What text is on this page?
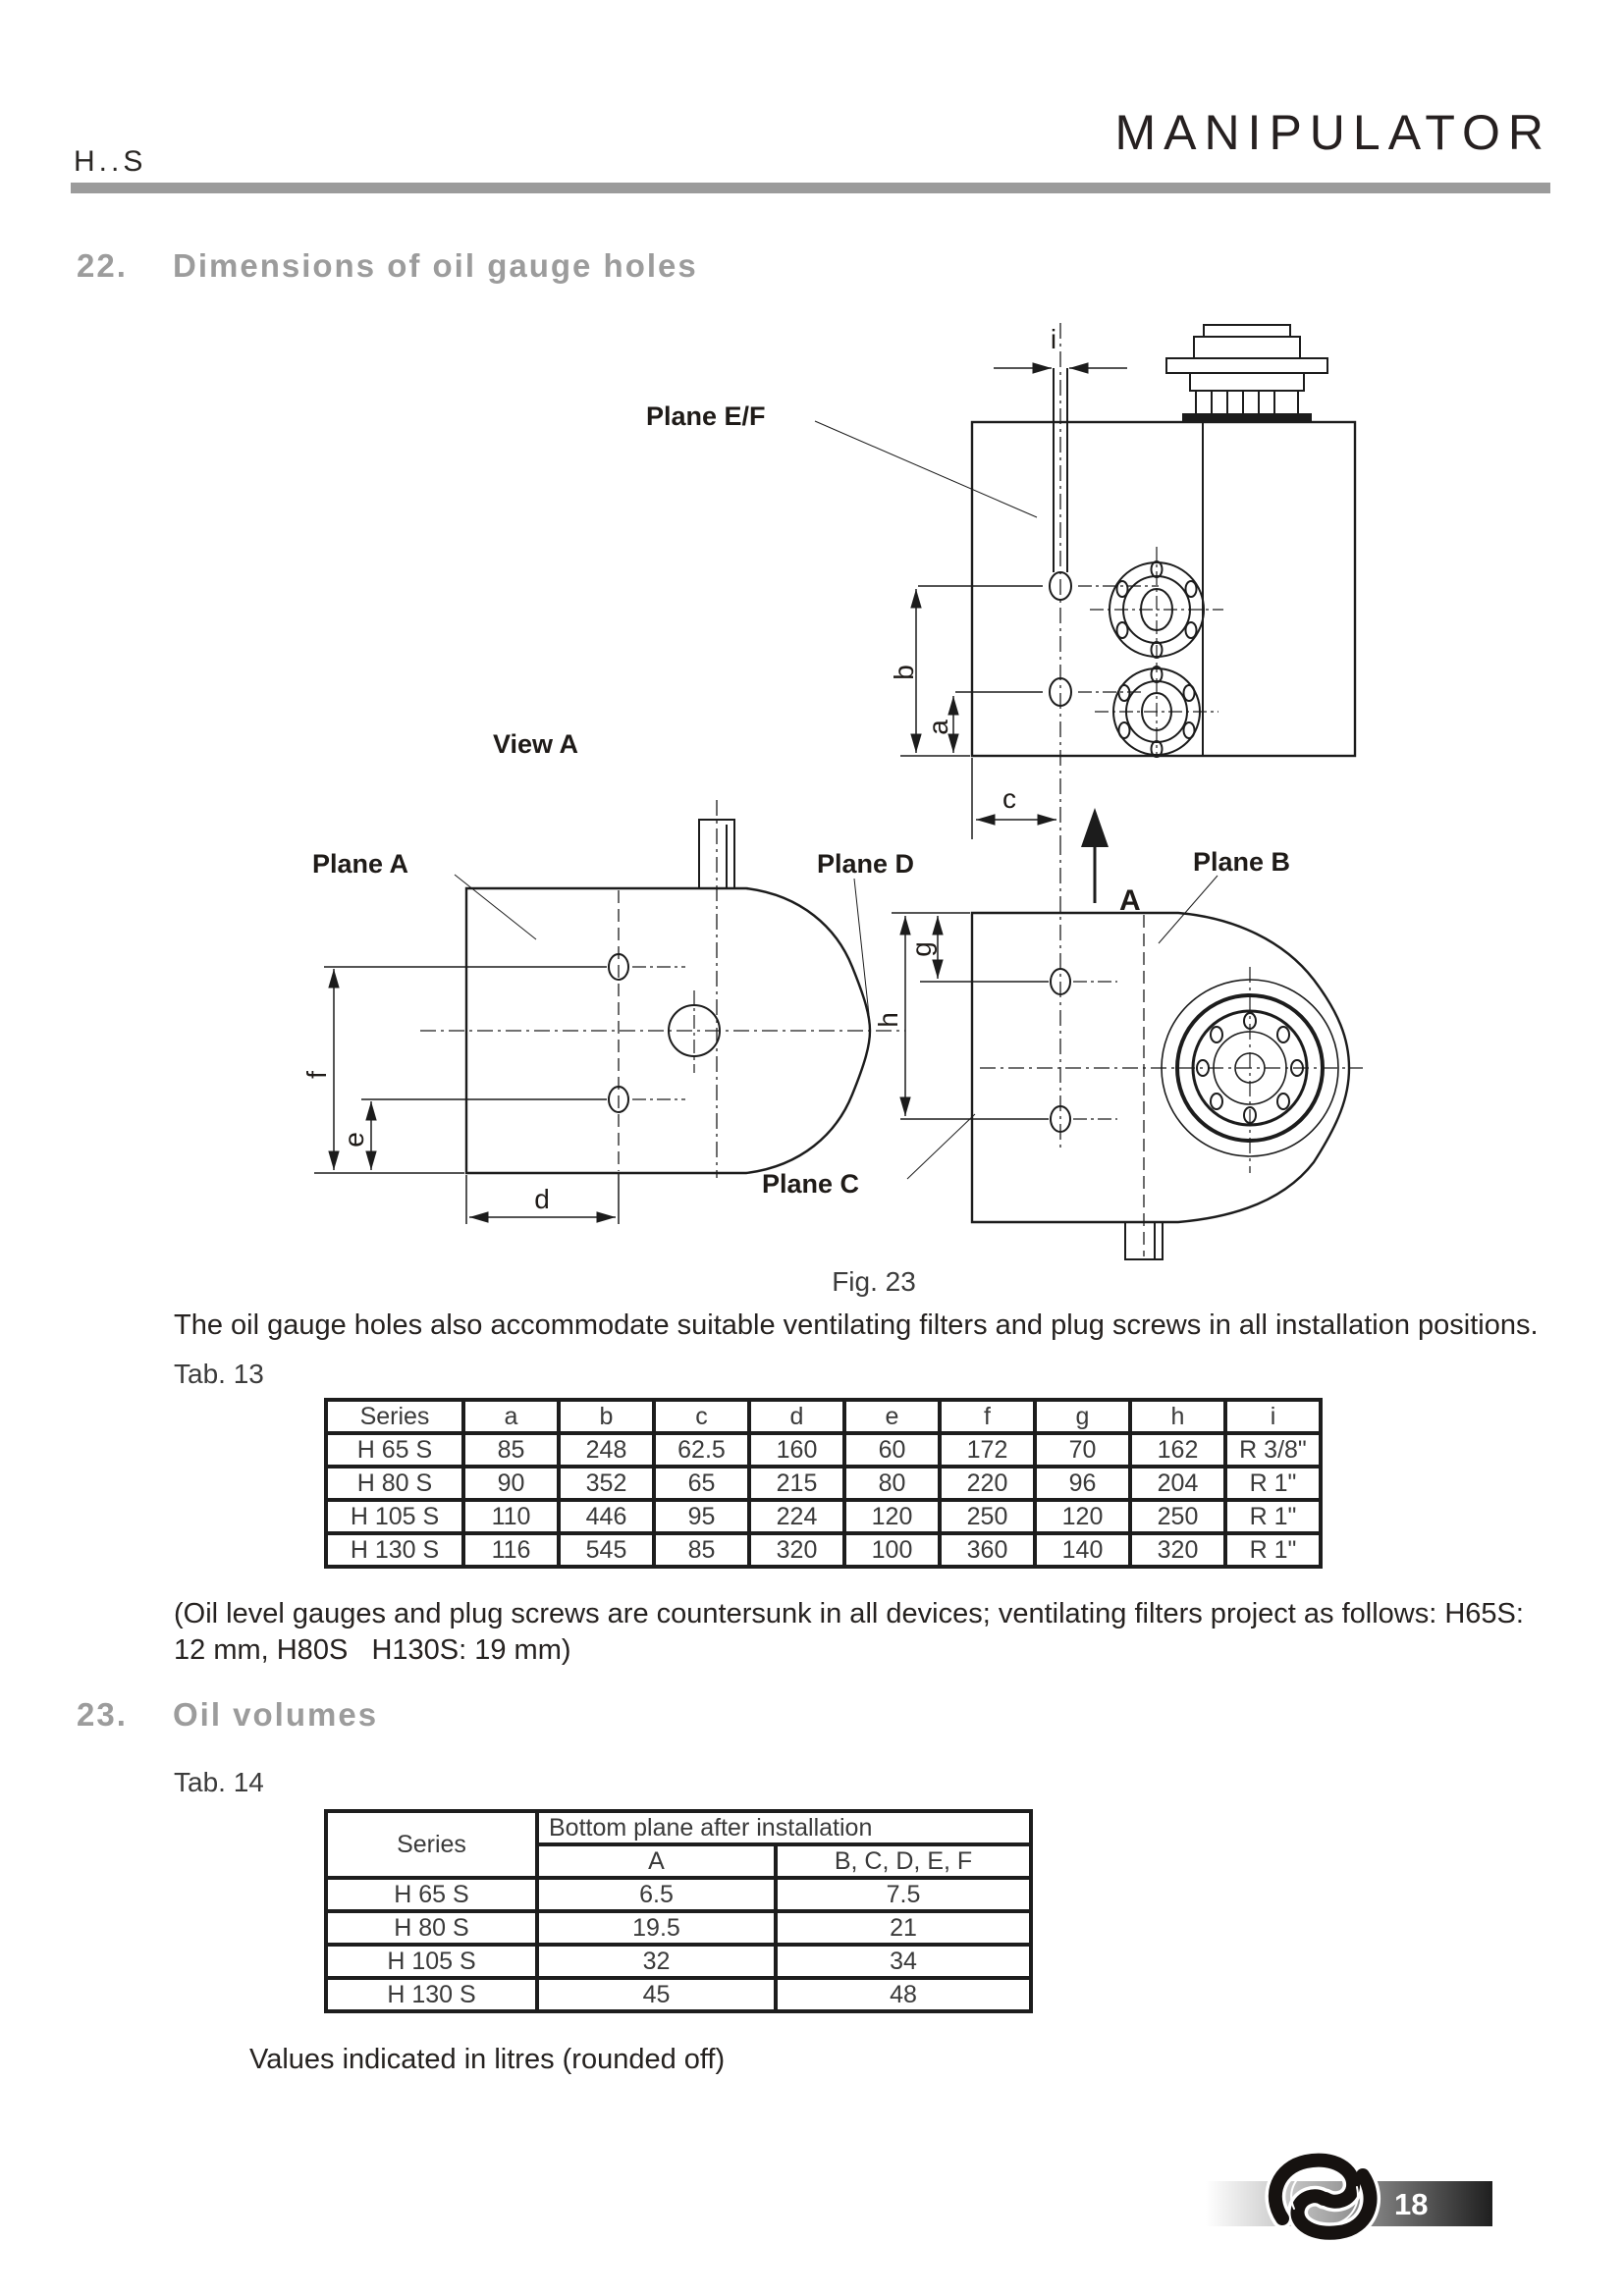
H..S
MANIPULATOR
22.	Dimensions of oil gauge holes
Plane E/F
View A
Plane A	Plane D	Plane B
Plane C
A
i
b
a
c
g
h
f
e
d
Fig. 23
The oil gauge holes also accommodate suitable ventilating filters and plug screws in all installation positions.
Tab. 13
Series	a	b	c	d	e	f	g	h	i
H 65 S	85	248	62.5	160	60	172	70	162	R 3/8"
H 80 S	90	352	65	215	80	220	96	204	R 1"
H 105 S	110	446	95	224	120	250	120	250	R 1"
H 130 S	116	545	85	320	100	360	140	320	R 1"
(Oil level gauges and plug screws are countersunk in all devices; ventilating filters project as follows: H65S: 12 mm, H80S   H130S: 19 mm)
23.	Oil volumes
Tab. 14
Series	Bottom plane after installation	
	A	B, C, D, E, F
H 65 S	6.5	7.5
H 80 S	19.5	21
H 105 S	32	34
H 130 S	45	48
Values indicated in litres (rounded off)
18
